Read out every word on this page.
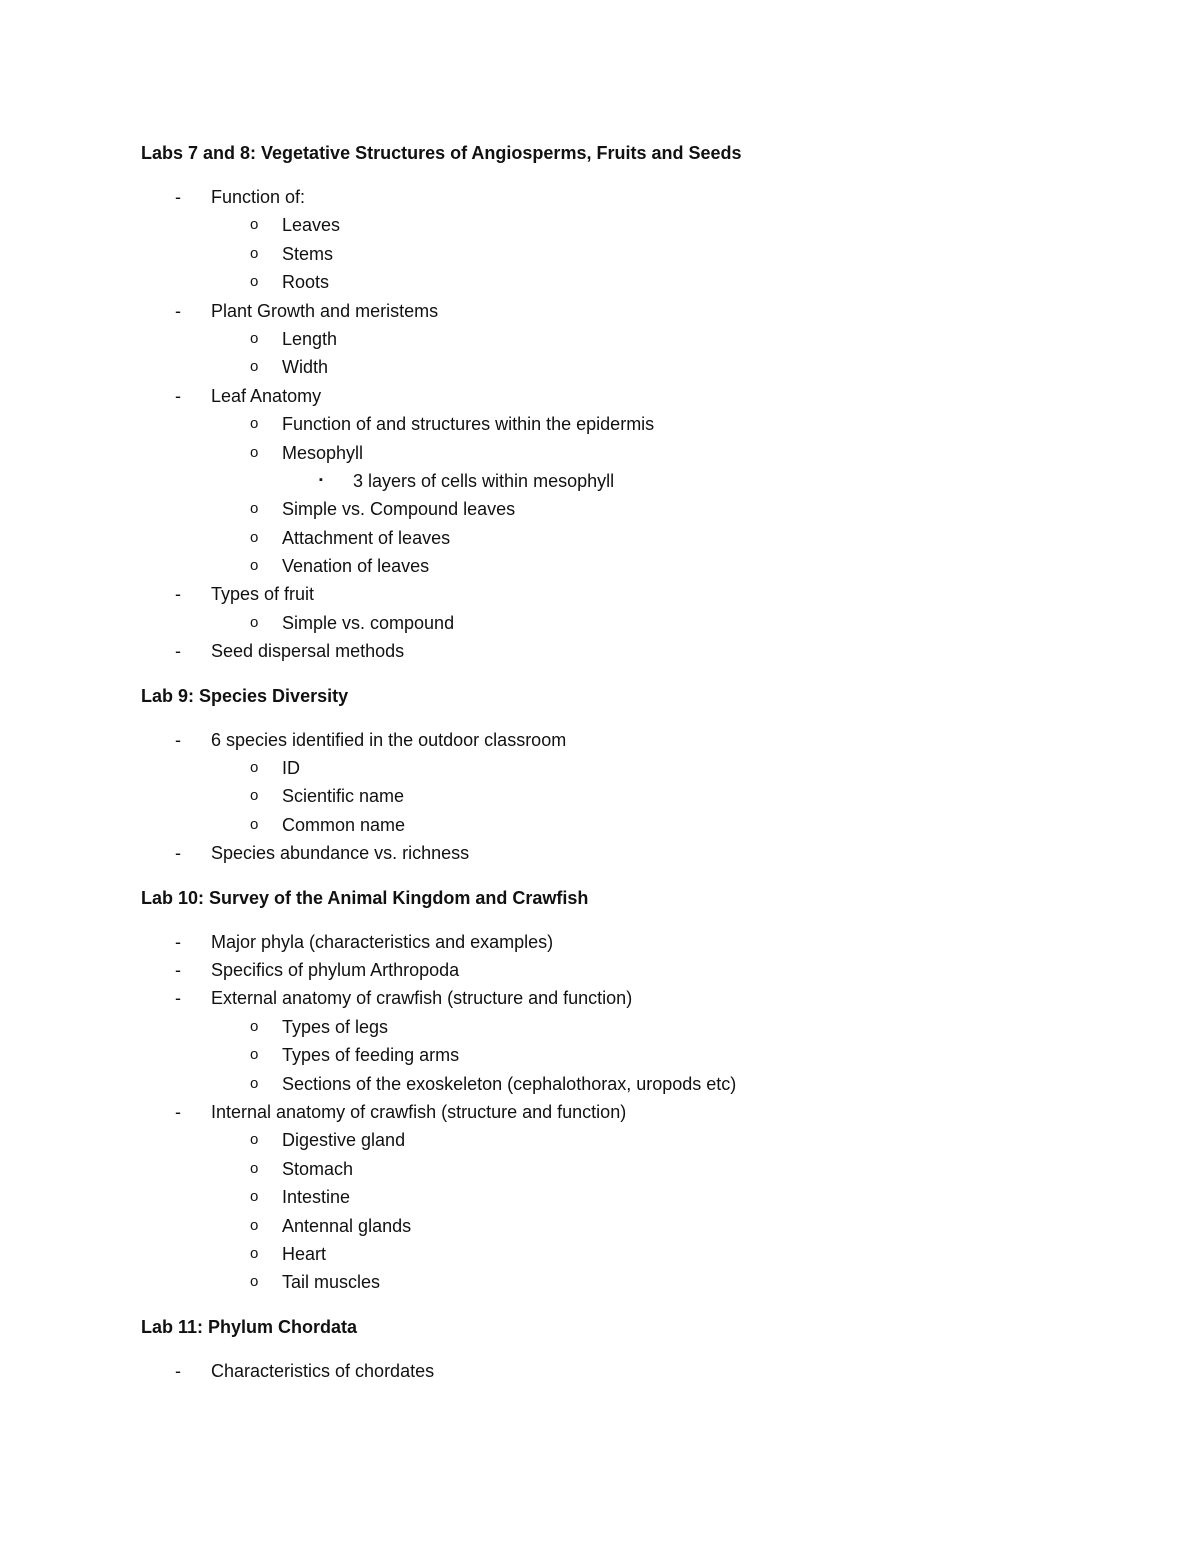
Labs 7 and 8: Vegetative Structures of Angiosperms, Fruits and Seeds
- Function of:
o Leaves
o Stems
o Roots
- Plant Growth and meristems
o Length
o Width
- Leaf Anatomy
o Function of and structures within the epidermis
o Mesophyll
▪ 3 layers of cells within mesophyll
o Simple vs. Compound leaves
o Attachment of leaves
o Venation of leaves
- Types of fruit
o Simple vs. compound
- Seed dispersal methods
Lab 9: Species Diversity
- 6 species identified in the outdoor classroom
o ID
o Scientific name
o Common name
- Species abundance vs. richness
Lab 10: Survey of the Animal Kingdom and Crawfish
- Major phyla (characteristics and examples)
- Specifics of phylum Arthropoda
- External anatomy of crawfish (structure and function)
o Types of legs
o Types of feeding arms
o Sections of the exoskeleton (cephalothorax, uropods etc)
- Internal anatomy of crawfish (structure and function)
o Digestive gland
o Stomach
o Intestine
o Antennal glands
o Heart
o Tail muscles
Lab 11: Phylum Chordata
- Characteristics of chordates
